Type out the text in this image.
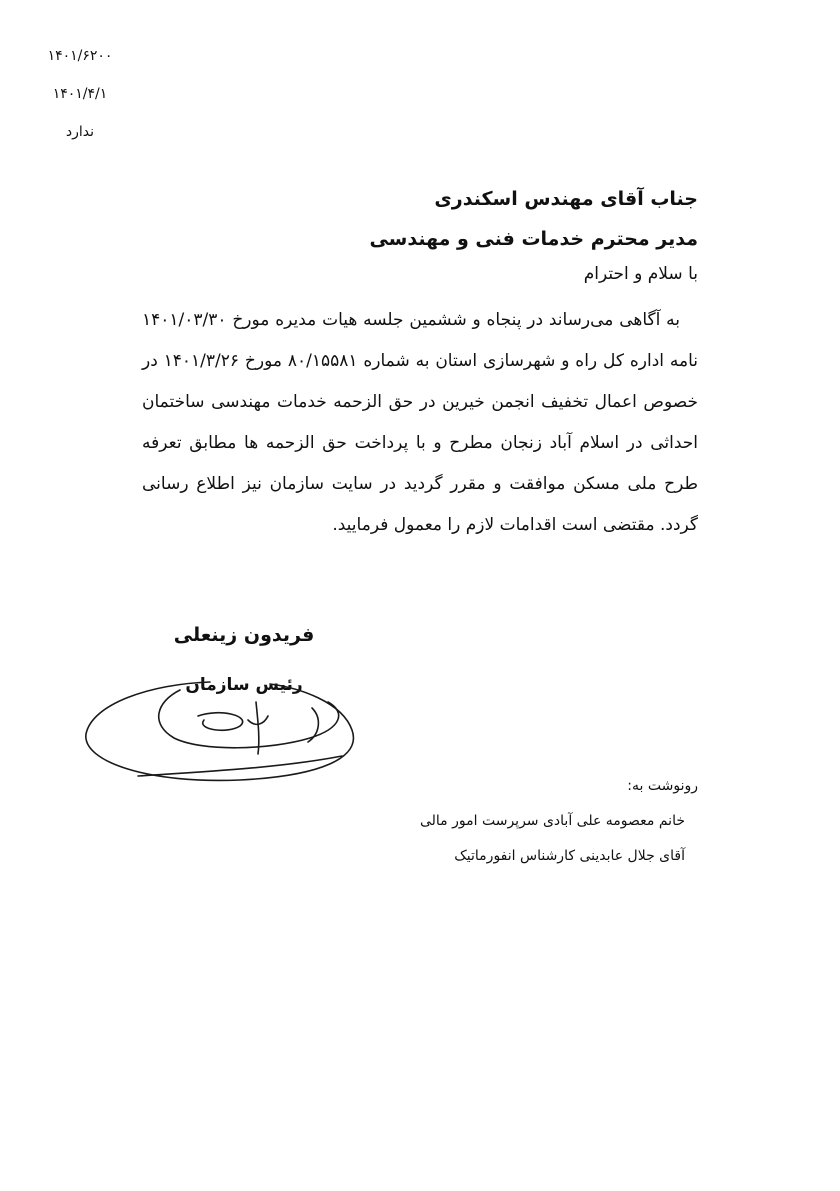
۱۴۰۱/۶۲۰۰
۱۴۰۱/۴/۱
ندارد
جناب آقای مهندس اسکندری
مدیر محترم خدمات فنی و مهندسی
با سلام و احترام
به آگاهی می‌رساند در پنجاه و ششمین جلسه هیات مدیره مورخ ۱۴۰۱/۰۳/۳۰ نامه اداره کل راه و شهرسازی استان به شماره ۸۰/۱۵۵۸۱ مورخ ۱۴۰۱/۳/۲۶ در خصوص اعمال تخفیف انجمن خیرین در حق الزحمه خدمات مهندسی ساختمان احداثی در اسلام آباد زنجان مطرح و با پرداخت حق الزحمه ها مطابق تعرفه طرح ملی مسکن موافقت و مقرر گردید در سایت سازمان نیز اطلاع رسانی گردد. مقتضی است اقدامات لازم را معمول فرمایید.
فریدون زینعلی
رئیس سازمان
رونوشت به:
خانم معصومه علی آبادی سرپرست امور مالی
آقای جلال عابدینی کارشناس انفورماتیک
